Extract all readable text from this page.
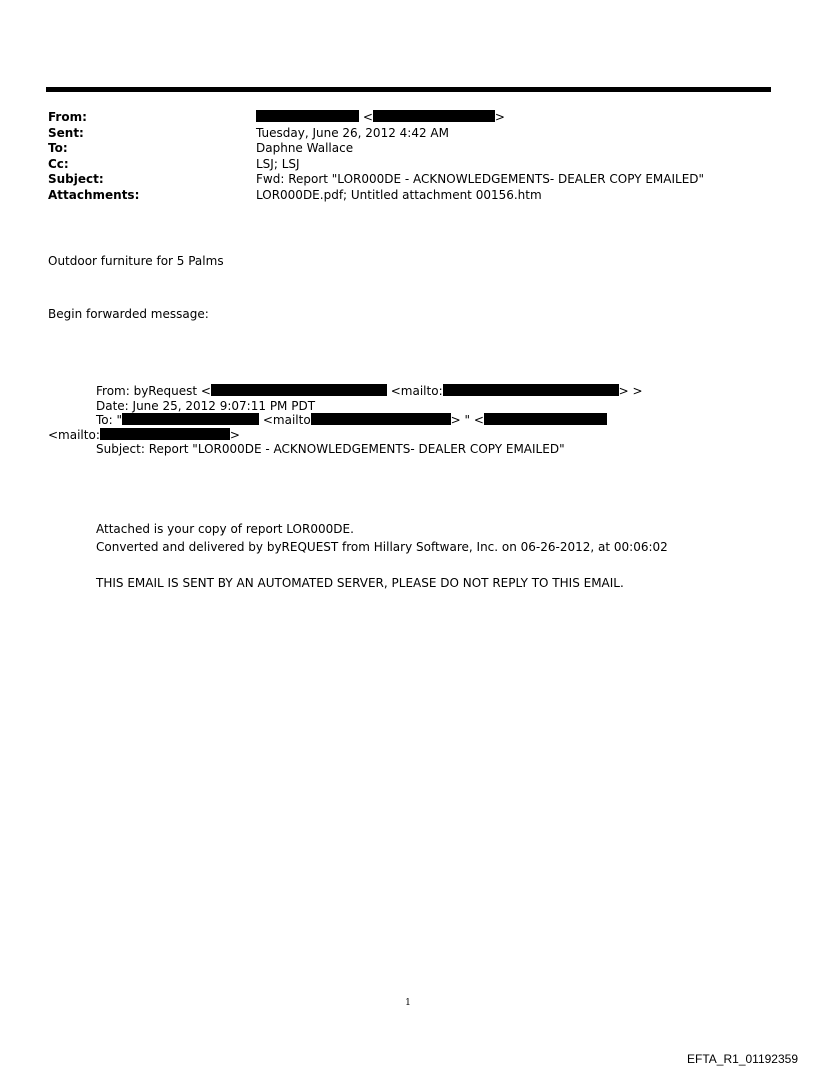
From:	<	>
Sent:	Tuesday, June 26, 2012 4:42 AM
To:	Daphne Wallace
Cc:	LSJ; LSJ
Subject:	Fwd: Report "LOR000DE - ACKNOWLEDGEMENTS- DEALER COPY EMAILED"
Attachments:	LOR000DE.pdf; Untitled attachment 00156.htm
Outdoor furniture for 5 Palms
Begin forwarded message:
From: byRequest <	<mailto:	> >
Date: June 25, 2012 9:07:11 PM PDT
To: "	<mailto	> " <
<mailto:	>
Subject: Report "LOR000DE - ACKNOWLEDGEMENTS- DEALER COPY EMAILED"
Attached is your copy of report LOR000DE.
Converted and delivered by byREQUEST from Hillary Software, Inc. on 06-26-2012, at 00:06:02
THIS EMAIL IS SENT BY AN AUTOMATED SERVER, PLEASE DO NOT REPLY TO THIS EMAIL.
1
EFTA_R1_01192359
